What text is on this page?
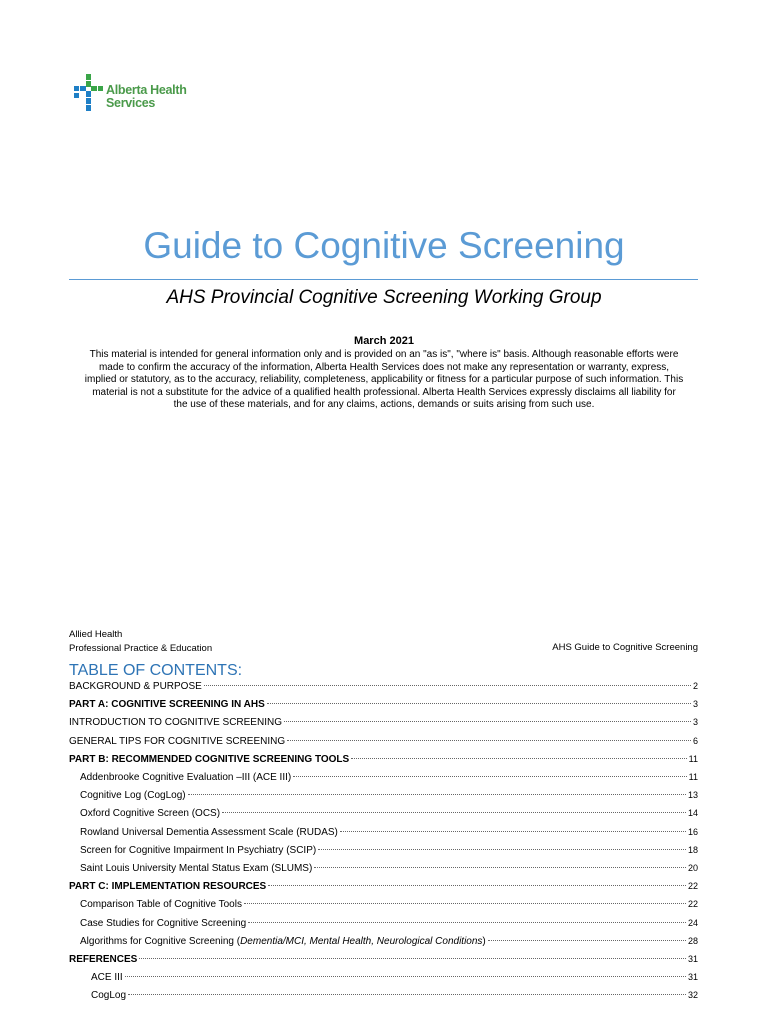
Alberta Health
Services
Guide to Cognitive Screening
AHS Provincial Cognitive Screening Working Group
March 2021
This material is intended for general information only and is provided on an "as is", "where is" basis. Although reasonable efforts were made to confirm the accuracy of the information, Alberta Health Services does not make any representation or warranty, express, implied or statutory, as to the accuracy, reliability, completeness, applicability or fitness for a particular purpose of such information. This material is not a substitute for the advice of a qualified health professional. Alberta Health Services expressly disclaims all liability for the use of these materials, and for any claims, actions, demands or suits arising from such use.
Allied Health
Professional Practice & Education	AHS Guide to Cognitive Screening
TABLE OF CONTENTS:
BACKGROUND & PURPOSE	2
PART A: COGNITIVE SCREENING IN AHS	3
INTRODUCTION TO COGNITIVE SCREENING	3
GENERAL TIPS FOR COGNITIVE SCREENING	6
PART B: RECOMMENDED COGNITIVE SCREENING TOOLS	11
Addenbrooke Cognitive Evaluation –III (ACE III)	11
Cognitive Log (CogLog)	13
Oxford Cognitive Screen (OCS)	14
Rowland Universal Dementia Assessment Scale (RUDAS)	16
Screen for Cognitive Impairment In Psychiatry (SCIP)	18
Saint Louis University Mental Status Exam (SLUMS)	20
PART C: IMPLEMENTATION RESOURCES	22
Comparison Table of Cognitive Tools	22
Case Studies for Cognitive Screening	24
Algorithms for Cognitive Screening (Dementia/MCI, Mental Health, Neurological Conditions)	28
REFERENCES	31
ACE III	31
CogLog	32
